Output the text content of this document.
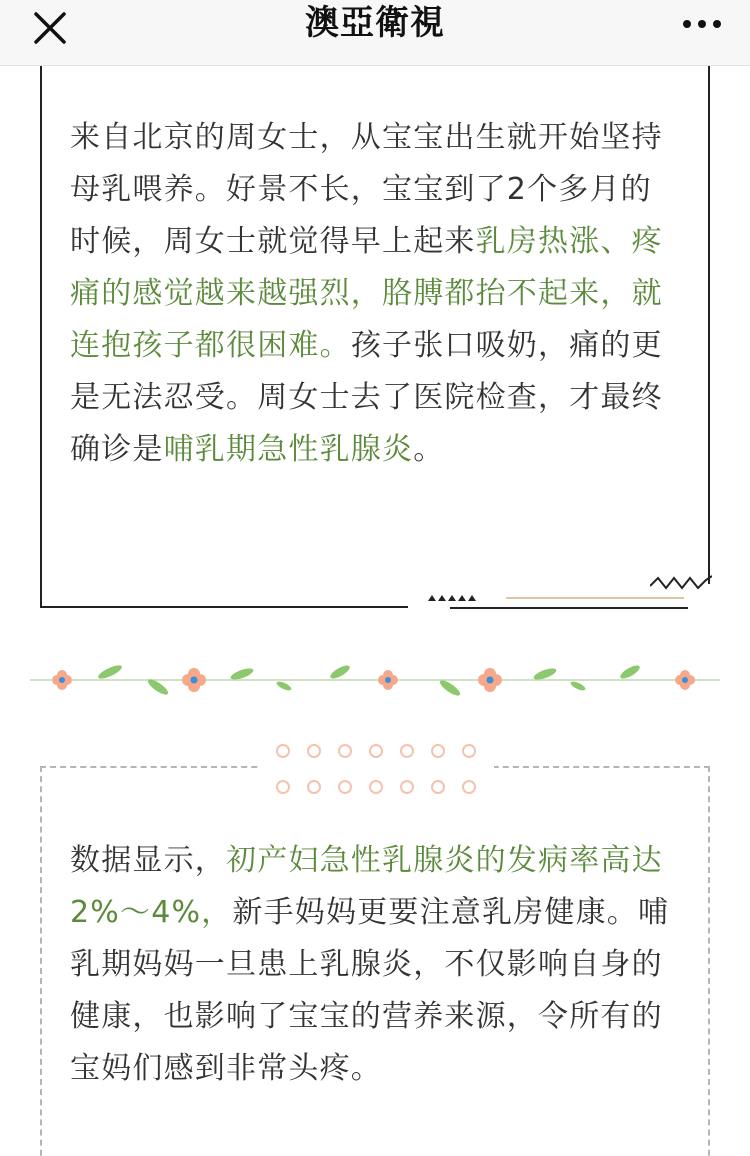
澳亞衛視
来自北京的周女士，从宝宝出生就开始坚持母乳喂养。好景不长，宝宝到了2个多月的时候，周女士就觉得早上起来乳房热涨、疼痛的感觉越来越强烈，胳膊都抬不起来，就连抱孩子都很困难。孩子张口吸奶，痛的更是无法忍受。周女士去了医院检查，才最终确诊是哺乳期急性乳腺炎。
数据显示，初产妇急性乳腺炎的发病率高达2%～4%，新手妈妈更要注意乳房健康。哺乳期妈妈一旦患上乳腺炎，不仅影响自身的健康，也影响了宝宝的营养来源，令所有的宝妈们感到非常头疼。
